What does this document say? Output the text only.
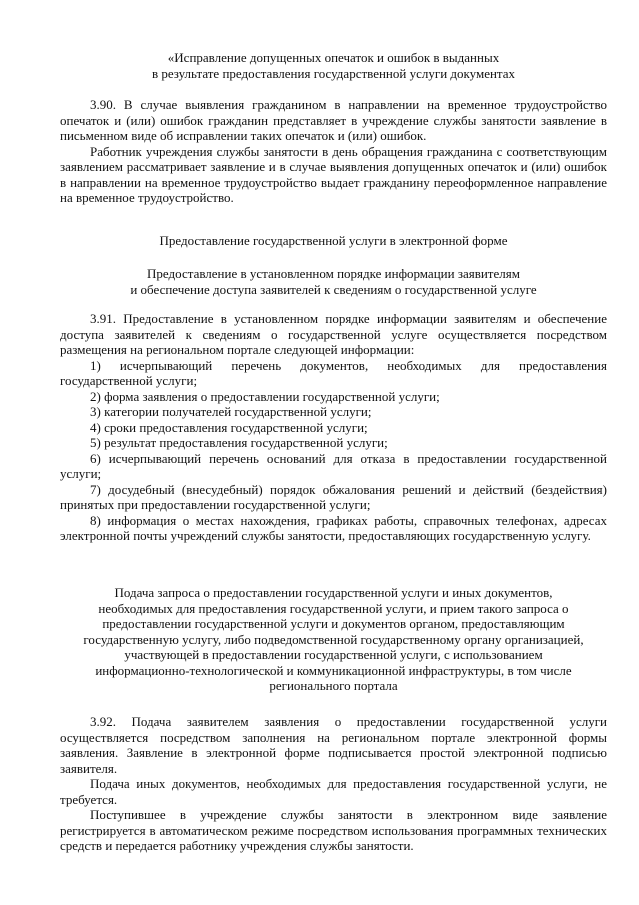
«Исправление допущенных опечаток и ошибок в выданных
в результате предоставления государственной услуги документах

3.90. В случае выявления гражданином в направлении на временное трудоустройство опечаток и (или) ошибок гражданин представляет в учреждение службы занятости заявление в письменном виде об исправлении таких опечаток и (или) ошибок.

Работник учреждения службы занятости в день обращения гражданина с соответствующим заявлением рассматривает заявление и в случае выявления допущенных опечаток и (или) ошибок в направлении на временное трудоустройство выдает гражданину переоформленное направление на временное трудоустройство.

Предоставление государственной услуги в электронной форме
Предоставление в установленном порядке информации заявителям
и обеспечение доступа заявителей к сведениям о государственной услуге

3.91. Предоставление в установленном порядке информации заявителям и обеспечение доступа заявителей к сведениям о государственной услуге осуществляется посредством размещения на региональном портале следующей информации:

1) исчерпывающий перечень документов, необходимых для предоставления государственной услуги;

2) форма заявления о предоставлении государственной услуги;

3) категории получателей государственной услуги;

4) сроки предоставления государственной услуги;

5) результат предоставления государственной услуги;

6) исчерпывающий перечень оснований для отказа в предоставлении государственной услуги;

7) досудебный (внесудебный) порядок обжалования решений и действий (бездействия) принятых при предоставлении государственной услуги;

8) информация о местах нахождения, графиках работы, справочных телефонах, адресах электронной почты учреждений службы занятости, предоставляющих государственную услугу.

Подача запроса о предоставлении государственной услуги и иных документов,
необходимых для предоставления государственной услуги, и прием такого запроса о
предоставлении государственной услуги и документов органом, предоставляющим
государственную услугу, либо подведомственной государственному органу организацией,
участвующей в предоставлении государственной услуги, с использованием
информационно-технологической и коммуникационной инфраструктуры, в том числе
регионального портала

3.92. Подача заявителем заявления о предоставлении государственной услуги осуществляется посредством заполнения на региональном портале электронной формы заявления. Заявление в электронной форме подписывается простой электронной подписью заявителя.

Подача иных документов, необходимых для предоставления государственной услуги, не требуется.

Поступившее в учреждение службы занятости в электронном виде заявление регистрируется в автоматическом режиме посредством использования программных технических средств и передается работнику учреждения службы занятости.
